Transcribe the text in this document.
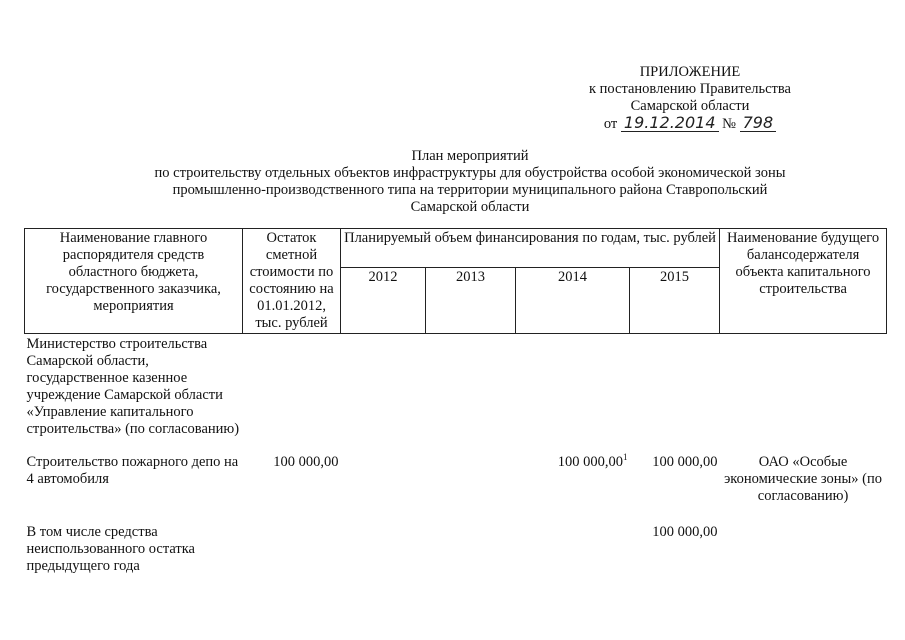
ПРИЛОЖЕНИЕ
к постановлению Правительства
Самарской области
от 19.12.2014 № 798
План мероприятий
по строительству отдельных объектов инфраструктуры для обустройства особой экономической зоны
промышленно-производственного типа на территории муниципального района Ставропольский
Самарской области
Наименование главного распорядителя средств областного бюджета, государственного заказчика, мероприятия	Остаток сметной стоимости по состоянию на 01.01.2012, тыс. рублей	Планируемый объем финансирования по годам, тыс. рублей				Наименование будущего балансодержателя объекта капитального строительства
		2012	2013	2014	2015	
Министерство строительства Самарской области, государственное казенное учреждение Самарской области «Управление капитального строительства» (по согласованию)						
Строительство пожарного депо на 4 автомобиля	100 000,00			100 000,00$^1$	100 000,00	ОАО «Особые экономические зоны» (по согласованию)
В том числе средства неиспользованного остатка предыдущего года					100 000,00	
